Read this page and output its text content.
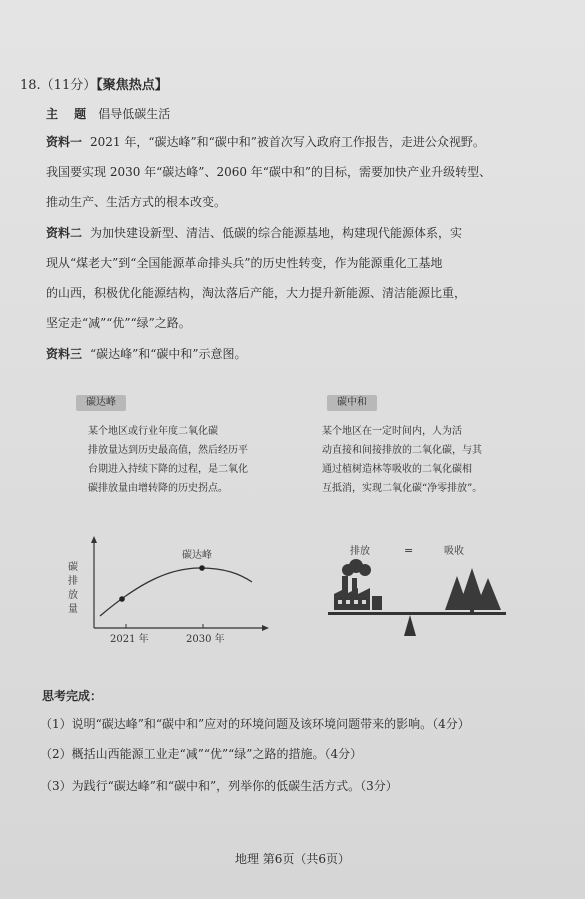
18.（11分）【聚焦热点】
主 题 倡导低碳生活
资料一 2021 年，“碳达峰”和“碳中和”被首次写入政府工作报告，走进公众视野。
我国要实现 2030 年“碳达峰”、2060 年“碳中和”的目标，需要加快产业升级转型、
推动生产、生活方式的根本改变。
资料二 为加快建设新型、清洁、低碳的综合能源基地，构建现代能源体系，实
现从“煤老大”到“全国能源革命排头兵”的历史性转变，作为能源重化工基地
的山西，积极优化能源结构，淘汰落后产能，大力提升新能源、清洁能源比重，
坚定走“减”“优”“绿”之路。
资料三 “碳达峰”和“碳中和”示意图。
碳达峰	碳中和
某个地区或行业年度二氧化碳
排放量达到历史最高值，然后经历平
台期进入持续下降的过程，是二氧化
碳排放量由增转降的历史拐点。
某个地区在一定时间内，人为活
动直接和间接排放的二氧化碳，与其
通过植树造林等吸收的二氧化碳相
互抵消，实现二氧化碳“净零排放”。
碳
排
放
量
碳达峰
2021 年	2030 年
排放	=	吸收
思考完成：
（1）说明“碳达峰”和“碳中和”应对的环境问题及该环境问题带来的影响。（4分）
（2）概括山西能源工业走“减”“优”“绿”之路的措施。（4分）
（3）为践行“碳达峰”和“碳中和”，列举你的低碳生活方式。（3分）
地理 第6页（共6页）
